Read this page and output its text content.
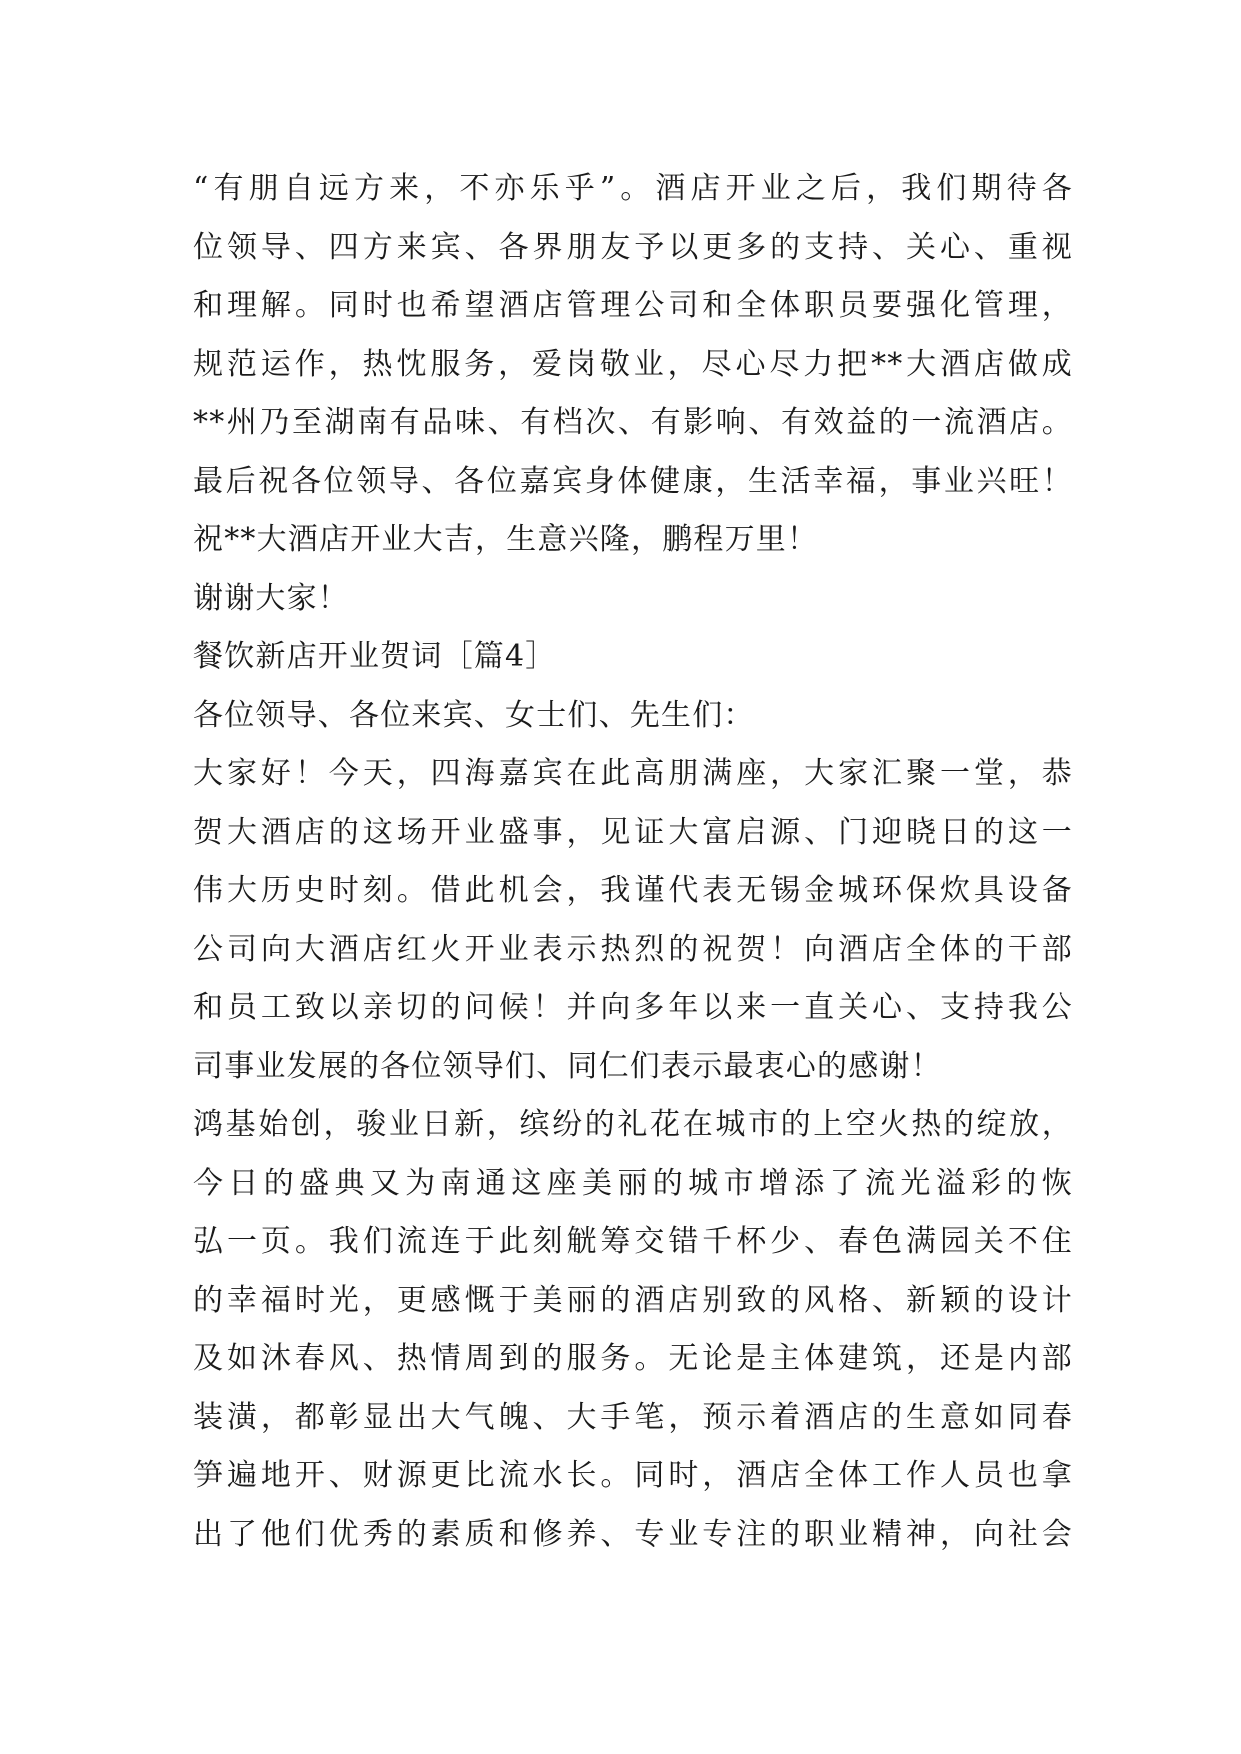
“有朋自远方来，不亦乐乎”。酒店开业之后，我们期待各
位领导、四方来宾、各界朋友予以更多的支持、关心、重视
和理解。同时也希望酒店管理公司和全体职员要强化管理，
规范运作，热忱服务，爱岗敬业，尽心尽力把**大酒店做成
**州乃至湖南有品味、有档次、有影响、有效益的一流酒店。
最后祝各位领导、各位嘉宾身体健康，生活幸福，事业兴旺！
祝**大酒店开业大吉，生意兴隆，鹏程万里！
谢谢大家！
餐饮新店开业贺词［篇4］
各位领导、各位来宾、女士们、先生们：
大家好！今天，四海嘉宾在此高朋满座，大家汇聚一堂，恭
贺大酒店的这场开业盛事，见证大富启源、门迎晓日的这一
伟大历史时刻。借此机会，我谨代表无锡金城环保炊具设备
公司向大酒店红火开业表示热烈的祝贺！向酒店全体的干部
和员工致以亲切的问候！并向多年以来一直关心、支持我公
司事业发展的各位领导们、同仁们表示最衷心的感谢！
鸿基始创，骏业日新，缤纷的礼花在城市的上空火热的绽放，
今日的盛典又为南通这座美丽的城市增添了流光溢彩的恢
弘一页。我们流连于此刻觥筹交错千杯少、春色满园关不住
的幸福时光，更感慨于美丽的酒店别致的风格、新颖的设计
及如沐春风、热情周到的服务。无论是主体建筑，还是内部
装潢，都彰显出大气魄、大手笔，预示着酒店的生意如同春
笋遍地开、财源更比流水长。同时，酒店全体工作人员也拿
出了他们优秀的素质和修养、专业专注的职业精神，向社会
